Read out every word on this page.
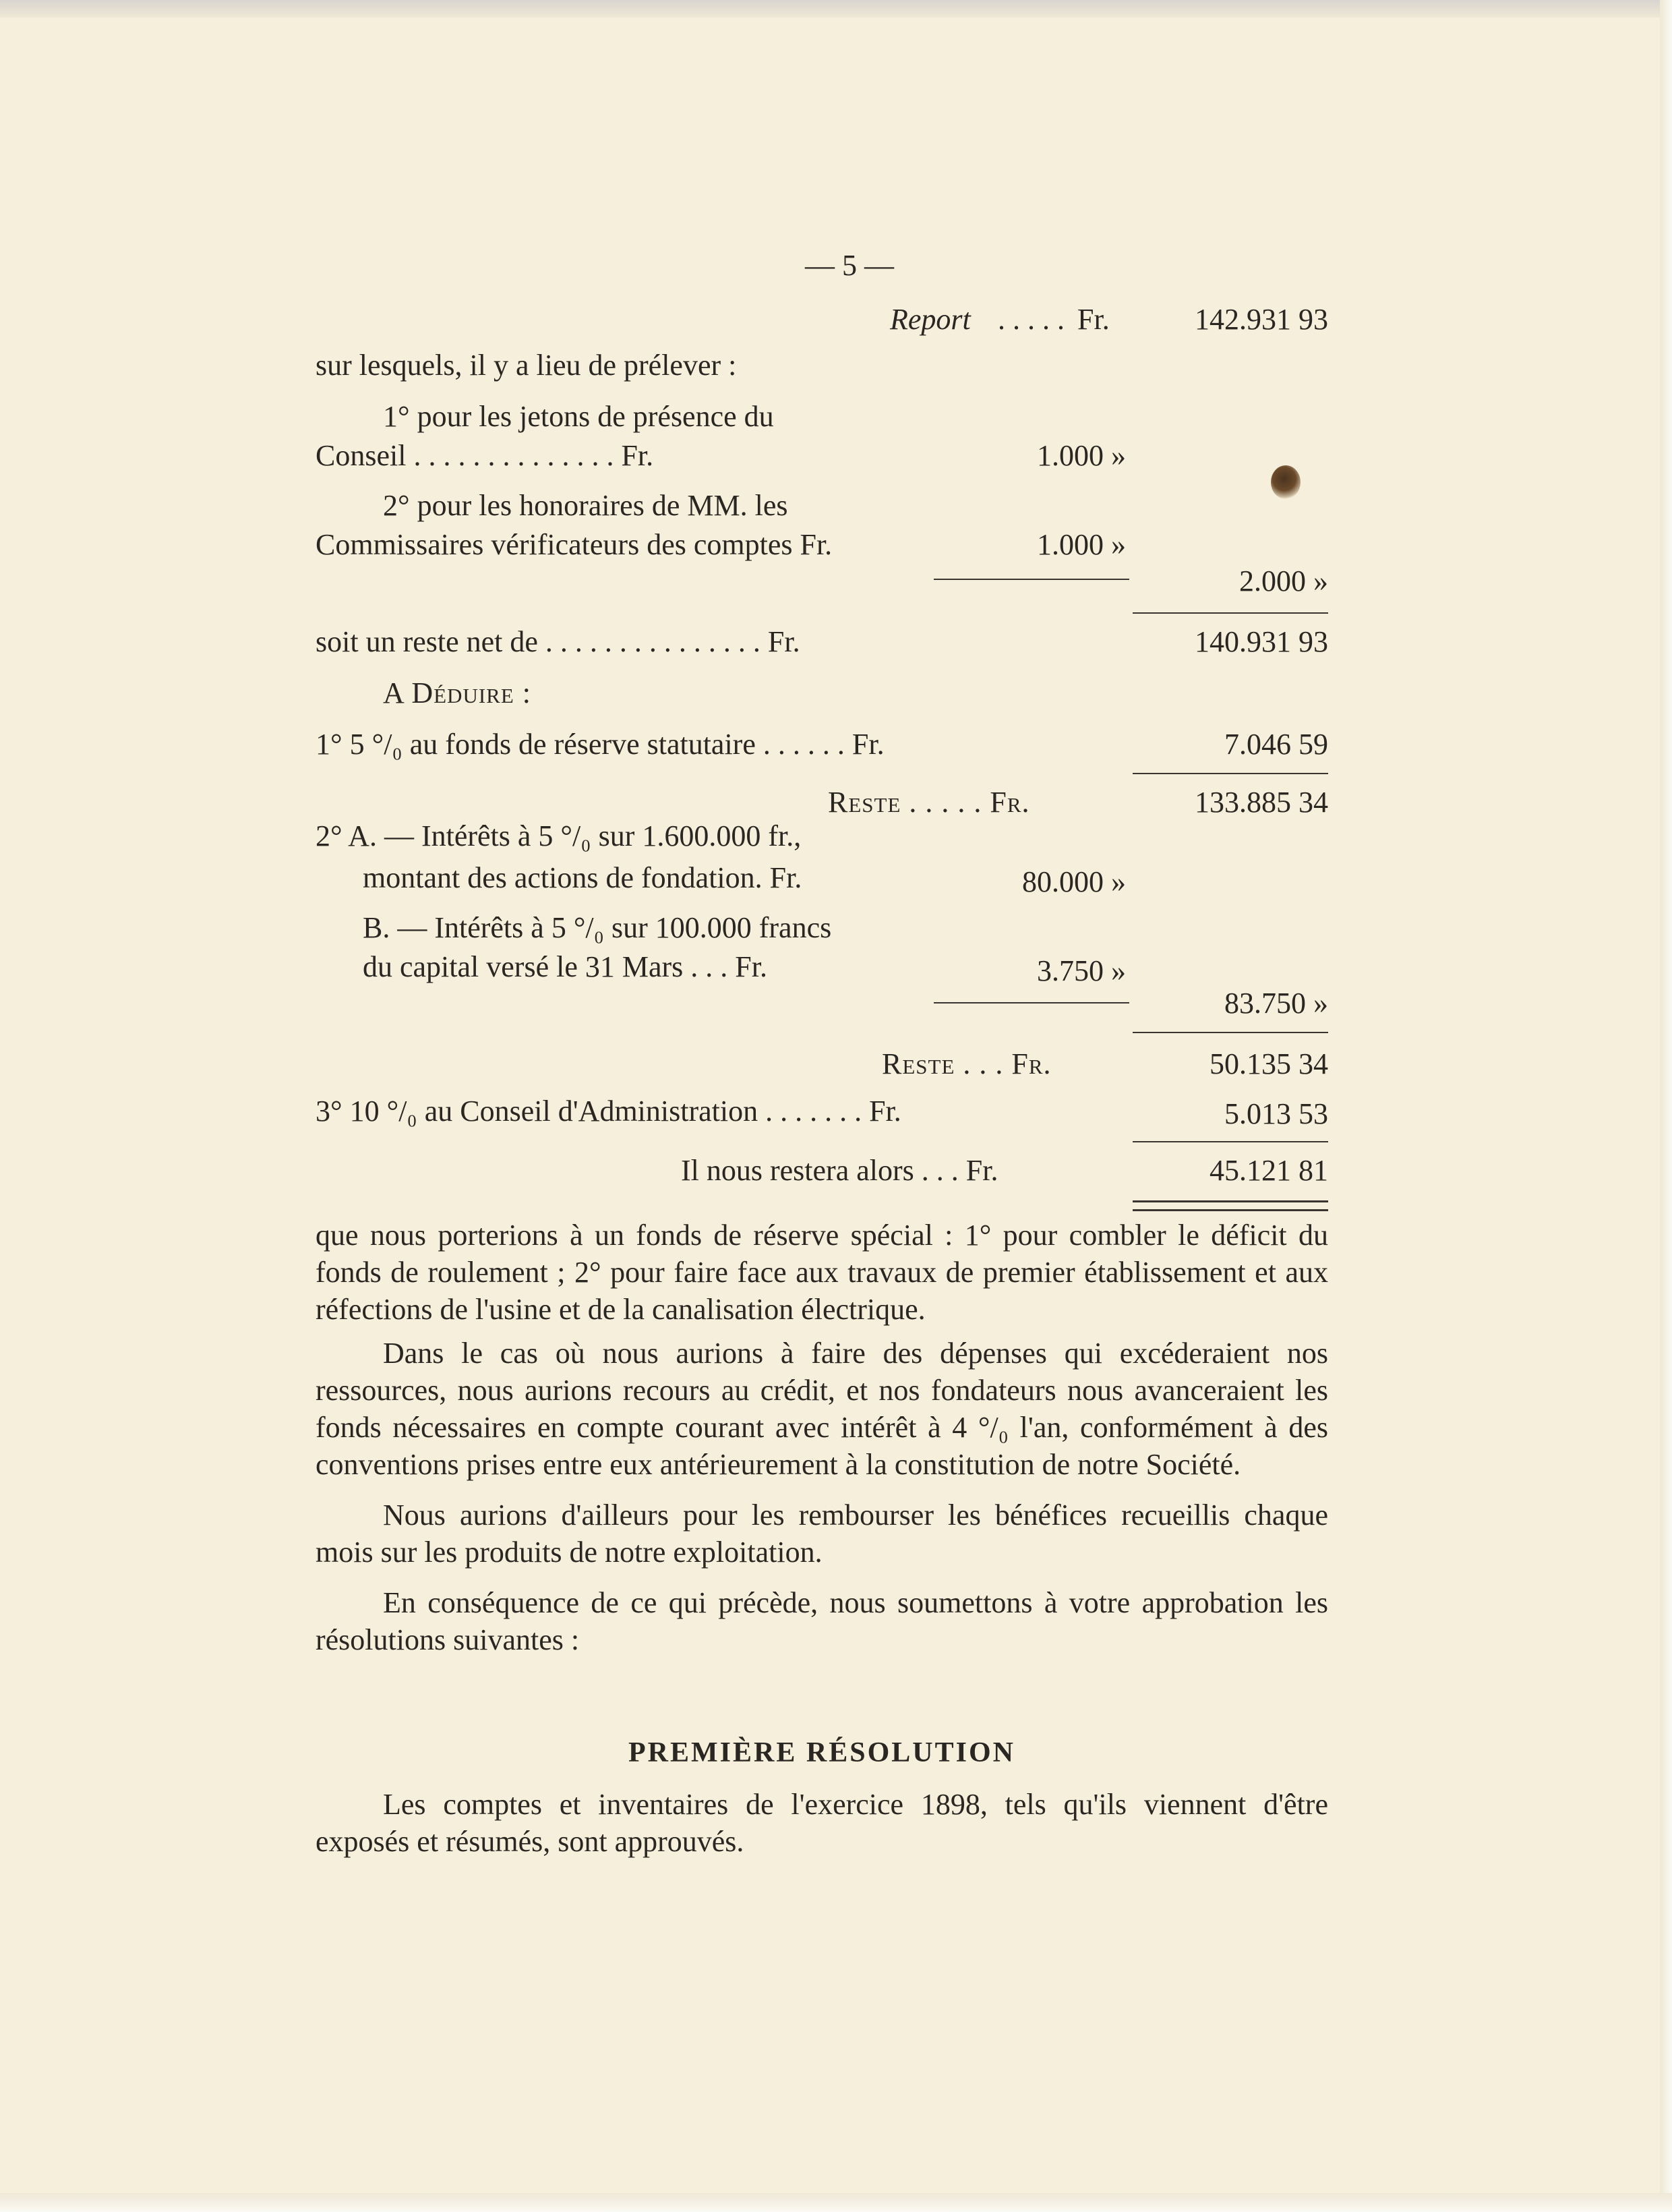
— 5 —
Report . . . . . Fr.	142.931 93
sur lesquels, il y a lieu de prélever :
1° pour les jetons de présence du
Conseil . . . . . . . . . . . . . . Fr.	1.000 »
2° pour les honoraires de MM. les
Commissaires vérificateurs des comptes Fr.	1.000 »
2.000 »
soit un reste net de . . . . . . . . . . . . . . . Fr.	140.931 93
A Déduire :
1° 5 °/₀ au fonds de réserve statutaire . . . . . . Fr.	7.046 59
Reste . . . . . Fr.	133.885 34
2° A. — Intérêts à 5 °/₀ sur 1.600.000 fr.,
montant des actions de fondation. Fr.	80.000 »
B. — Intérêts à 5 °/₀ sur 100.000 francs
du capital versé le 31 Mars . . . Fr.	3.750 »
83.750 »
Reste . . . Fr.	50.135 34
3° 10 °/₀ au Conseil d'Administration . . . . . . . Fr.	5.013 53
Il nous restera alors . . . Fr.	45.121 81

que nous porterions à un fonds de réserve spécial : 1° pour combler le déficit du fonds de roulement ; 2° pour faire face aux travaux de premier établissement et aux réfections de l'usine et de la canalisation électrique.

Dans le cas où nous aurions à faire des dépenses qui excéderaient nos ressources, nous aurions recours au crédit, et nos fondateurs nous avanceraient les fonds nécessaires en compte courant avec intérêt à 4 °/₀ l'an, conformément à des conventions prises entre eux antérieurement à la constitution de notre Société.

Nous aurions d'ailleurs pour les rembourser les bénéfices recueillis chaque mois sur les produits de notre exploitation.

En conséquence de ce qui précède, nous soumettons à votre approbation les résolutions suivantes :

PREMIÈRE RÉSOLUTION

Les comptes et inventaires de l'exercice 1898, tels qu'ils viennent d'être exposés et résumés, sont approuvés.
